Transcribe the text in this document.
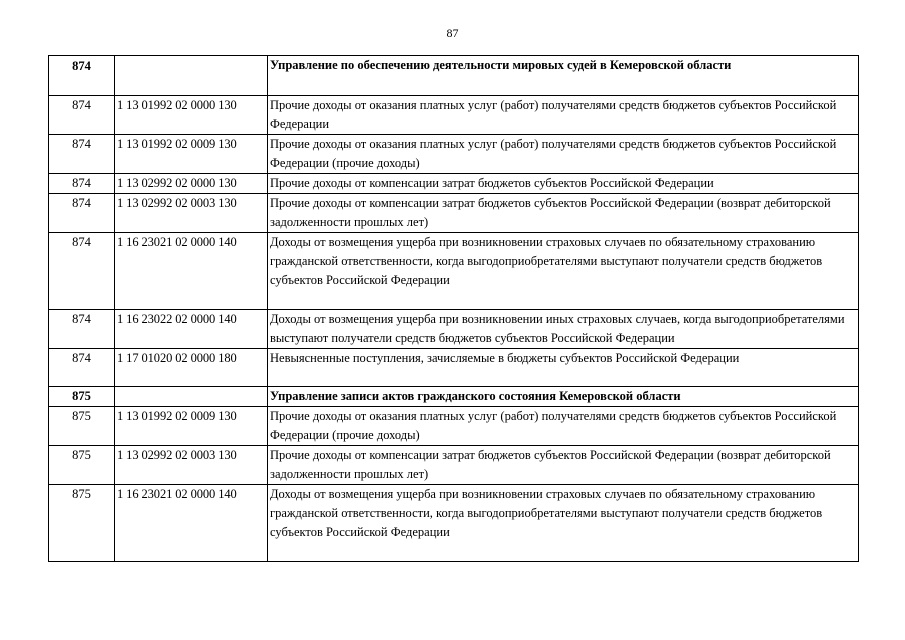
87
874		Управление по обеспечению деятельности мировых судей в Кемеровской области
874	1 13 01992 02 0000 130	Прочие доходы от оказания платных услуг (работ) получателями средств бюджетов субъектов Российской Федерации
874	1 13 01992 02 0009 130	Прочие доходы от оказания платных услуг (работ) получателями средств бюджетов субъектов Российской Федерации (прочие доходы)
874	1 13 02992 02 0000 130	Прочие доходы от компенсации затрат бюджетов субъектов Российской Федерации
874	1 13 02992 02 0003 130	Прочие доходы от компенсации затрат бюджетов субъектов Российской Федерации (возврат дебиторской задолженности прошлых лет)
874	1 16 23021 02 0000 140	Доходы от возмещения ущерба при возникновении страховых случаев по обязательному страхованию гражданской ответственности, когда выгодоприобретателями выступают получатели средств бюджетов субъектов Российской Федерации
874	1 16 23022 02 0000 140	Доходы от возмещения ущерба при возникновении иных страховых случаев, когда выгодоприобретателями выступают получатели средств бюджетов субъектов Российской Федерации
874	1 17 01020 02 0000 180	Невыясненные поступления, зачисляемые в бюджеты субъектов Российской Федерации
875		Управление записи актов гражданского состояния Кемеровской области
875	1 13 01992 02 0009 130	Прочие доходы от оказания платных услуг (работ) получателями средств бюджетов субъектов Российской Федерации (прочие доходы)
875	1 13 02992 02 0003 130	Прочие доходы от компенсации затрат бюджетов субъектов Российской Федерации (возврат дебиторской задолженности прошлых лет)
875	1 16 23021 02 0000 140	Доходы от возмещения ущерба при возникновении страховых случаев по обязательному страхованию гражданской ответственности, когда выгодоприобретателями выступают получатели средств бюджетов субъектов Российской Федерации
